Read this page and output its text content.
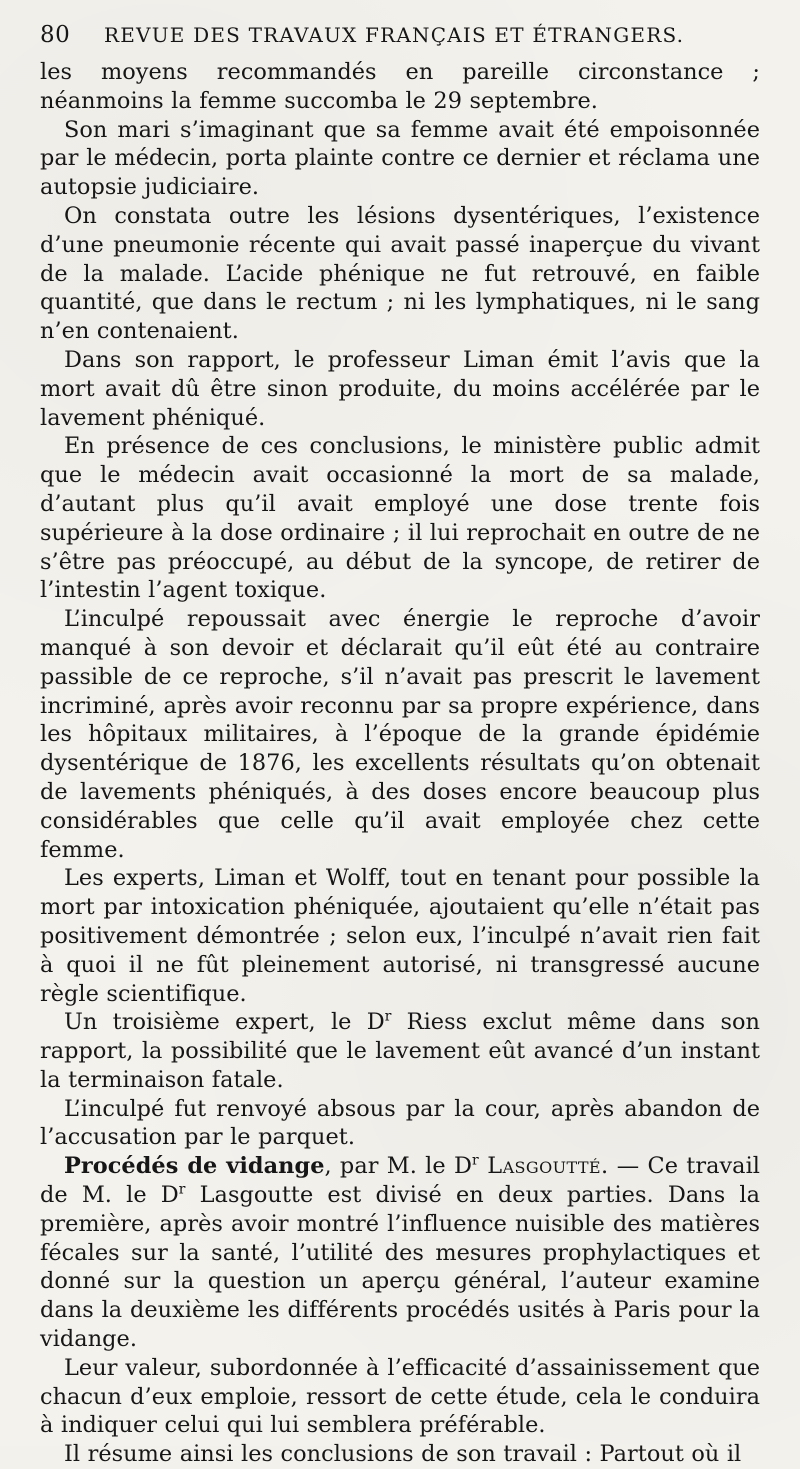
80	REVUE DES TRAVAUX FRANÇAIS ET ÉTRANGERS.

les moyens recommandés en pareille circonstance ; néanmoins la femme succomba le 29 septembre.

Son mari s’imaginant que sa femme avait été empoisonnée par le médecin, porta plainte contre ce dernier et réclama une autopsie judiciaire.

On constata outre les lésions dysentériques, l’existence d’une pneumonie récente qui avait passé inaperçue du vivant de la malade. L’acide phénique ne fut retrouvé, en faible quantité, que dans le rectum ; ni les lymphatiques, ni le sang n’en contenaient.

Dans son rapport, le professeur Liman émit l’avis que la mort avait dû être sinon produite, du moins accélérée par le lavement phéniqué.

En présence de ces conclusions, le ministère public admit que le médecin avait occasionné la mort de sa malade, d’autant plus qu’il avait employé une dose trente fois supérieure à la dose ordinaire ; il lui reprochait en outre de ne s’être pas préoccupé, au début de la syncope, de retirer de l’intestin l’agent toxique.

L’inculpé repoussait avec énergie le reproche d’avoir manqué à son devoir et déclarait qu’il eût été au contraire passible de ce reproche, s’il n’avait pas prescrit le lavement incriminé, après avoir reconnu par sa propre expérience, dans les hôpitaux militaires, à l’époque de la grande épidémie dysentérique de 1876, les excellents résultats qu’on obtenait de lavements phéniqués, à des doses encore beaucoup plus considérables que celle qu’il avait employée chez cette femme.

Les experts, Liman et Wolff, tout en tenant pour possible la mort par intoxication phéniquée, ajoutaient qu’elle n’était pas positivement démontrée ; selon eux, l’inculpé n’avait rien fait à quoi il ne fût pleinement autorisé, ni transgressé aucune règle scientifique.

Un troisième expert, le $D^r$ Riess exclut même dans son rapport, la possibilité que le lavement eût avancé d’un instant la terminaison fatale.

L’inculpé fut renvoyé absous par la cour, après abandon de l’accusation par le parquet.

Procédés de vidange, par M. le $D^r$ Lasgoutté. — Ce travail de M. le $D^r$ Lasgoutte est divisé en deux parties. Dans la première, après avoir montré l’influence nuisible des matières fécales sur la santé, l’utilité des mesures prophylactiques et donné sur la question un aperçu général, l’auteur examine dans la deuxième les différents procédés usités à Paris pour la vidange.

Leur valeur, subordonnée à l’efficacité d’assainissement que chacun d’eux emploie, ressort de cette étude, cela le conduira à indiquer celui qui lui semblera préférable.

Il résume ainsi les conclusions de son travail : Partout où il
